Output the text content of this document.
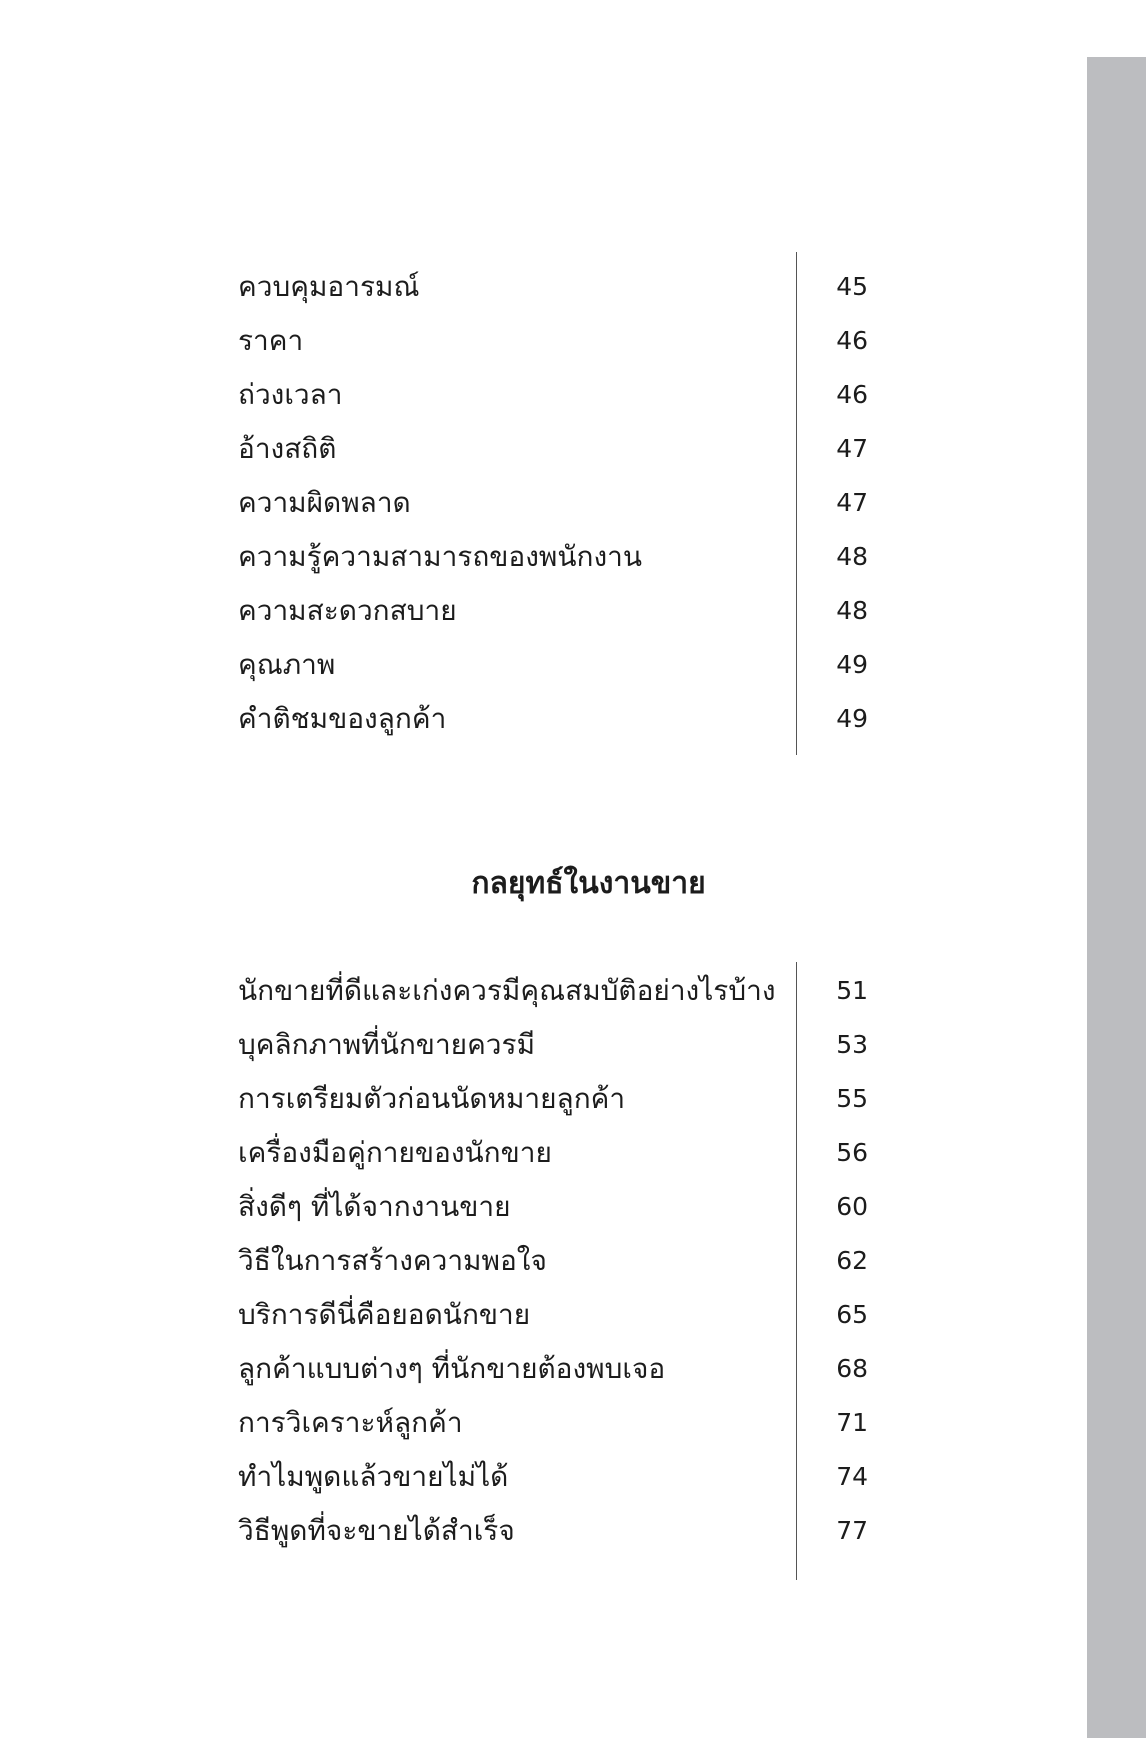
ควบคุมอารมณ์	45
ราคา	46
ถ่วงเวลา	46
อ้างสถิติ	47
ความผิดพลาด	47
ความรู้ความสามารถของพนักงาน	48
ความสะดวกสบาย	48
คุณภาพ	49
คำติชมของลูกค้า	49
กลยุทธ์ในงานขาย
นักขายที่ดีและเก่งควรมีคุณสมบัติอย่างไรบ้าง	51
บุคลิกภาพที่นักขายควรมี	53
การเตรียมตัวก่อนนัดหมายลูกค้า	55
เครื่องมือคู่กายของนักขาย	56
สิ่งดีๆ ที่ได้จากงานขาย	60
วิธีในการสร้างความพอใจ	62
บริการดีนี่คือยอดนักขาย	65
ลูกค้าแบบต่างๆ ที่นักขายต้องพบเจอ	68
การวิเคราะห์ลูกค้า	71
ทำไมพูดแล้วขายไม่ได้	74
วิธีพูดที่จะขายได้สำเร็จ	77
